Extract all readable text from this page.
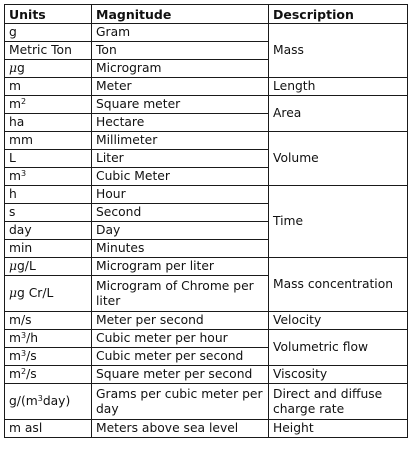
Units	Magnitude	Description
g	Gram	Mass
Metric Ton	Ton	
μg	Microgram	
m	Meter	Length
$m^2$	Square meter	Area
ha	Hectare	
mm	Millimeter	Volume
L	Liter	
$m^3$	Cubic Meter	
h	Hour	Time
s	Second	
day	Day	
min	Minutes	
μg/L	Microgram per liter	Mass concentration
μg Cr/L	Microgram of Chrome per liter	
m/s	Meter per second	Velocity
$m^3/h$	Cubic meter per hour	Volumetric flow
$m^3/s$	Cubic meter per second	
$m^2/s$	Square meter per second	Viscosity
$g/(m^3day)$	Grams per cubic meter per day	Direct and diffuse charge rate
m asl	Meters above sea level	Height
